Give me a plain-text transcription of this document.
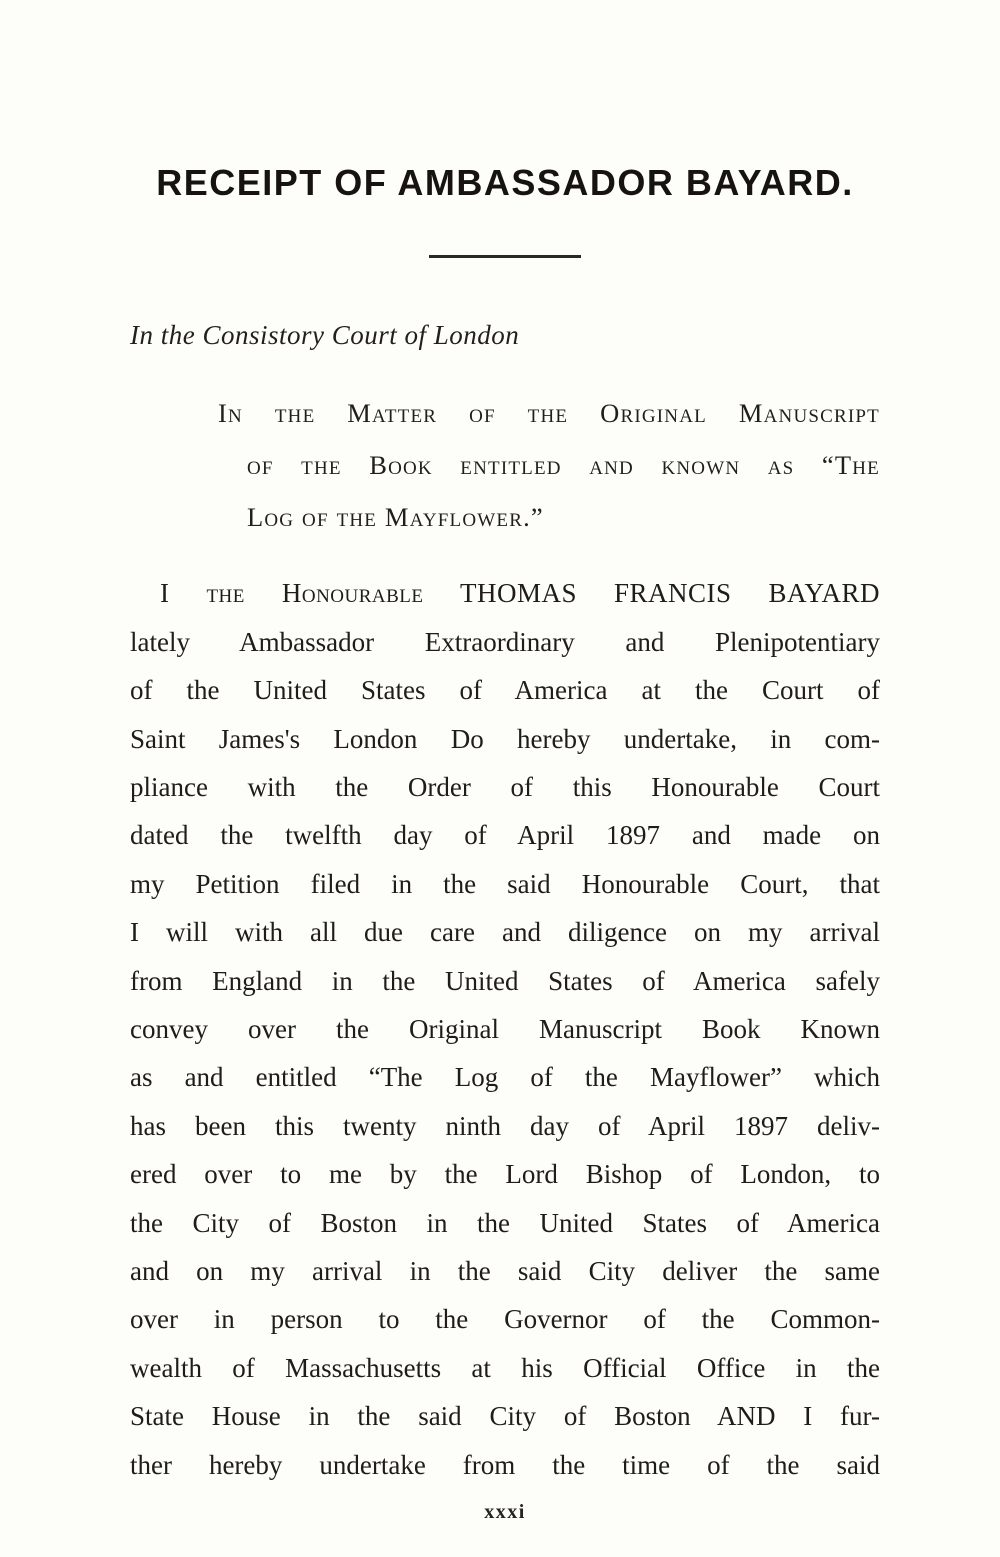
RECEIPT OF AMBASSADOR BAYARD.
In the Consistory Court of London
In the Matter of the Original Manuscript
of the Book entitled and known as “The
Log of the Mayflower.”
I the Honourable THOMAS FRANCIS BAYARD
lately Ambassador Extraordinary and Plenipotentiary
of the United States of America at the Court of
Saint James's London Do hereby undertake, in com-
pliance with the Order of this Honourable Court
dated the twelfth day of April 1897 and made on
my Petition filed in the said Honourable Court, that
I will with all due care and diligence on my arrival
from England in the United States of America safely
convey over the Original Manuscript Book Known
as and entitled “The Log of the Mayflower” which
has been this twenty ninth day of April 1897 deliv-
ered over to me by the Lord Bishop of London, to
the City of Boston in the United States of America
and on my arrival in the said City deliver the same
over in person to the Governor of the Common-
wealth of Massachusetts at his Official Office in the
State House in the said City of Boston AND I fur-
ther hereby undertake from the time of the said
xxxi
